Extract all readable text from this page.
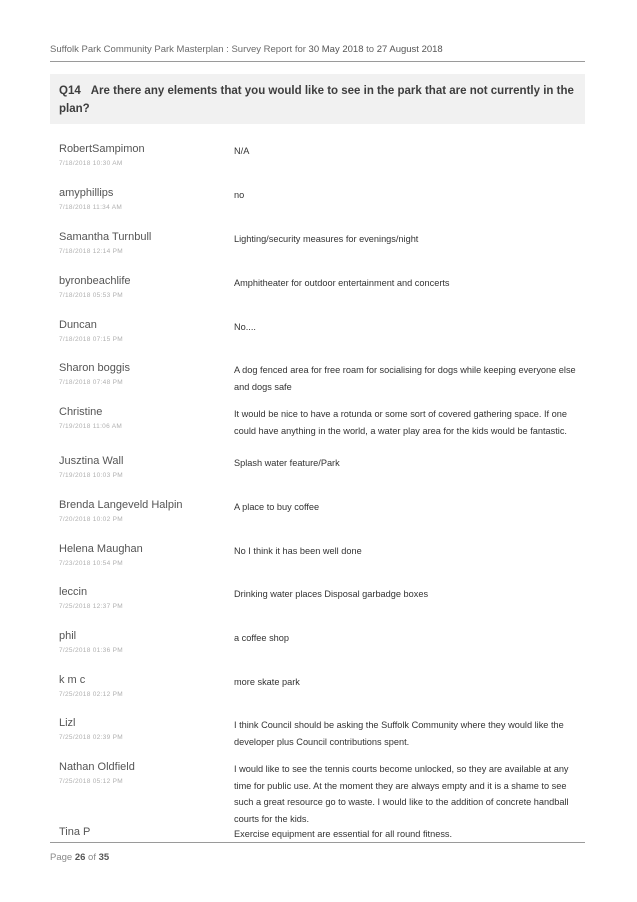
Suffolk Park Community Park Masterplan : Survey Report for 30 May 2018 to 27 August 2018
Q14 Are there any elements that you would like to see in the park that are not currently in the plan?
RobertSampimon
7/18/2018 10:30 AM
N/A
amyphillips
7/18/2018 11:34 AM
no
Samantha Turnbull
7/18/2018 12:14 PM
Lighting/security measures for evenings/night
byronbeachlife
7/18/2018 05:53 PM
Amphitheater for outdoor entertainment and concerts
Duncan
7/18/2018 07:15 PM
No....
Sharon boggis
7/18/2018 07:48 PM
A dog fenced area for free roam for socialising for dogs while keeping everyone else and dogs safe
Christine
7/19/2018 11:06 AM
It would be nice to have a rotunda or some sort of covered gathering space. If one could have anything in the world, a water play area for the kids would be fantastic.
Jusztina Wall
7/19/2018 10:03 PM
Splash water feature/Park
Brenda Langeveld Halpin
7/20/2018 10:02 PM
A place to buy coffee
Helena Maughan
7/23/2018 10:54 PM
No I think it has been well done
leccin
7/25/2018 12:37 PM
Drinking water places Disposal garbadge boxes
phil
7/25/2018 01:36 PM
a coffee shop
k m c
7/25/2018 02:12 PM
more skate park
Lizl
7/25/2018 02:39 PM
I think Council should be asking the Suffolk Community where they would like the developer plus Council contributions spent.
Nathan Oldfield
7/25/2018 05:12 PM
I would like to see the tennis courts become unlocked, so they are available at any time for public use. At the moment they are always empty and it is a shame to see such a great resource go to waste. I would like to the addition of concrete handball courts for the kids.
Tina P	Exercise equipment are essential for all round fitness.
Page 26 of 35
